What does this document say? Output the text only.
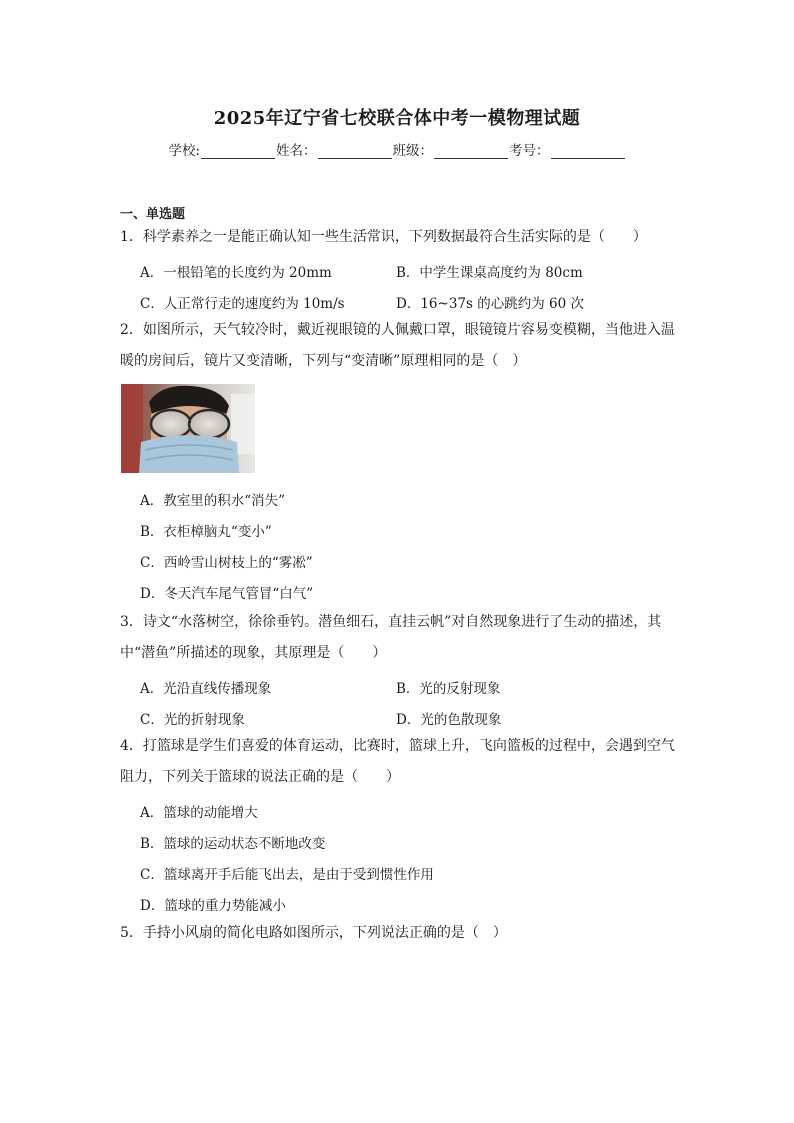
2025年辽宁省七校联合体中考一模物理试题
学校:	姓名：	班级：	考号：
一、单选题
1．科学素养之一是能正确认知一些生活常识，下列数据最符合生活实际的是（　　）
A．一根铅笔的长度约为 20mm	B．中学生课桌高度约为 80cm
C．人正常行走的速度约为 10m/s	D．16~37s 的心跳约为 60 次
2．如图所示，天气较冷时，戴近视眼镜的人佩戴口罩，眼镜镜片容易变模糊，当他进入温暖的房间后，镜片又变清晰，下列与“变清晰”原理相同的是（　）
A．教室里的积水“消失”
B．衣柜樟脑丸“变小”
C．西岭雪山树枝上的“雾凇”
D．冬天汽车尾气管冒“白气”
3．诗文“水落树空，徐徐垂钓。潜鱼细石，直挂云帆”对自然现象进行了生动的描述，其中“潜鱼”所描述的现象，其原理是（　　）
A．光沿直线传播现象	B．光的反射现象
C．光的折射现象	D．光的色散现象
4．打篮球是学生们喜爱的体育运动，比赛时，篮球上升，飞向篮板的过程中，会遇到空气阻力，下列关于篮球的说法正确的是（　　）
A．篮球的动能增大
B．篮球的运动状态不断地改变
C．篮球离开手后能飞出去，是由于受到惯性作用
D．篮球的重力势能减小
5．手持小风扇的简化电路如图所示，下列说法正确的是（　）
